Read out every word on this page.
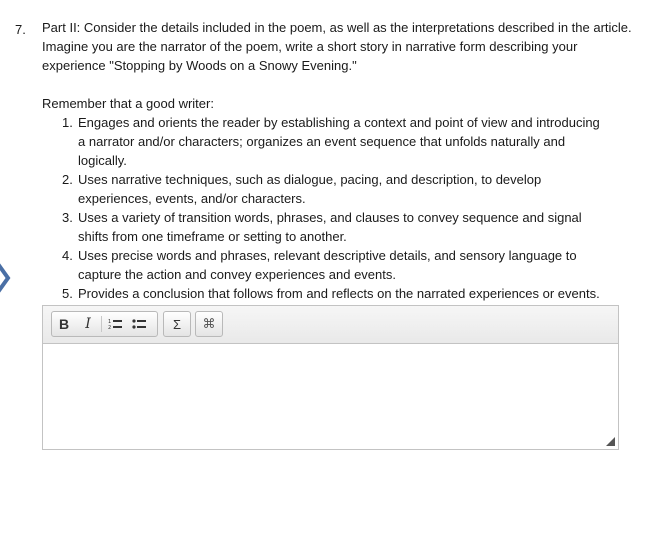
7. Part II: Consider the details included in the poem, as well as the interpretations described in the article.
Imagine you are the narrator of the poem, write a short story in narrative form describing your
experience "Stopping by Woods on a Snowy Evening."
Remember that a good writer:
1. Engages and orients the reader by establishing a context and point of view and introducing
a narrator and/or characters; organizes an event sequence that unfolds naturally and
logically.
2. Uses narrative techniques, such as dialogue, pacing, and description, to develop
experiences, events, and/or characters.
3. Uses a variety of transition words, phrases, and clauses to convey sequence and signal
shifts from one timeframe or setting to another.
4. Uses precise words and phrases, relevant descriptive details, and sensory language to
capture the action and convey experiences and events.
5. Provides a conclusion that follows from and reflects on the narrated experiences or events.
B I	1
2	Σ ⌘
